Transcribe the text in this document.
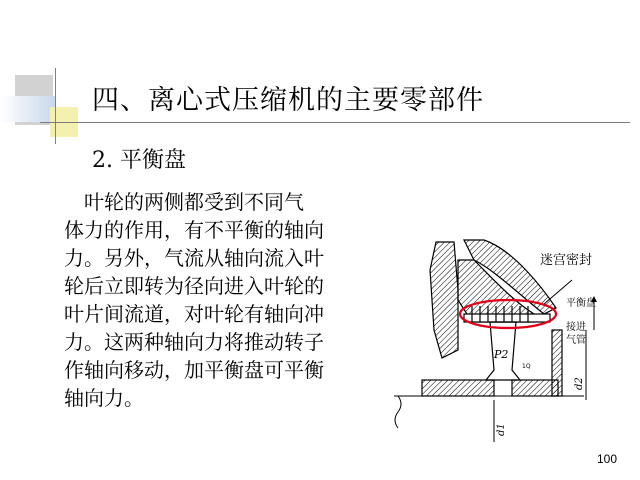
四、离心式压缩机的主要零部件
2. 平衡盘
　叶轮的两侧都受到不同气
体力的作用，有不平衡的轴向
力。另外，气流从轴向流入叶
轮后立即转为径向进入叶轮的
叶片间流道，对叶轮有轴向冲
力。这两种轴向力将推动转子
作轴向移动，加平衡盘可平衡
轴向力。
迷宫密封
平衡盘
接进
气管
P2
1Q
d1
d2
100
